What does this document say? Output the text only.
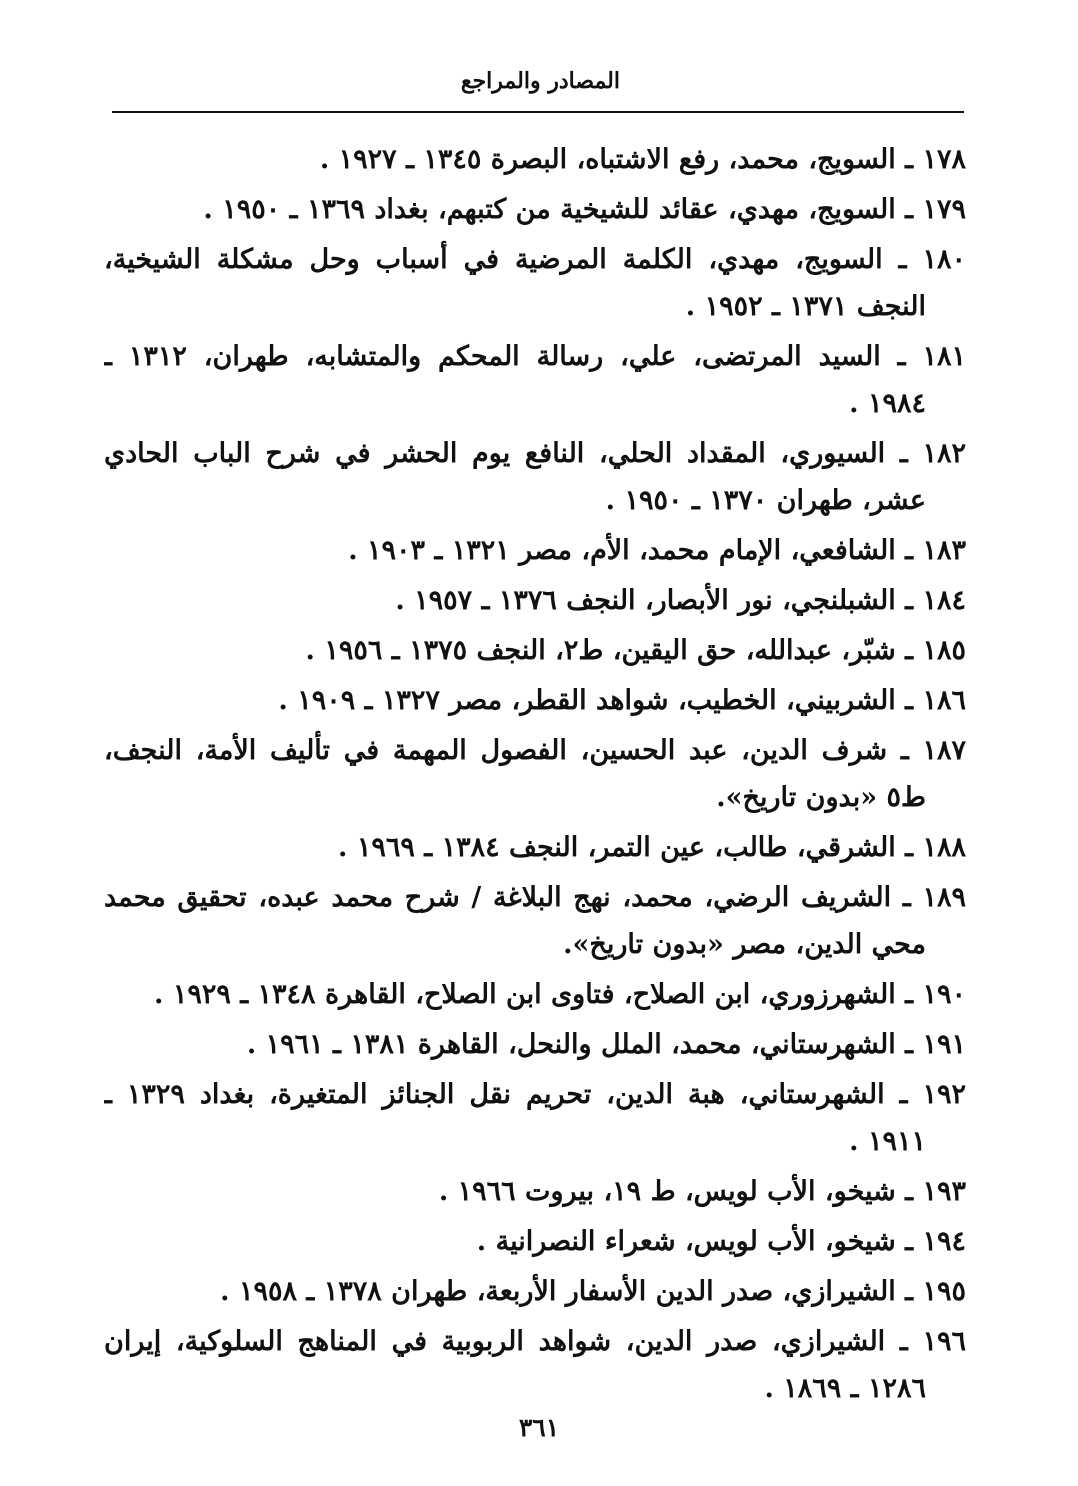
المصادر والمراجع
١٧٨ ـ السويج، محمد، رفع الاشتباه، البصرة ١٣٤٥ ـ ١٩٢٧ .
١٧٩ ـ السويج، مهدي، عقائد للشيخية من كتبهم، بغداد ١٣٦٩ ـ ١٩٥٠ .
١٨٠ ـ السويج، مهدي، الكلمة المرضية في أسباب وحل مشكلة الشيخية،
النجف ١٣٧١ ـ ١٩٥٢ .
١٨١ ـ السيد المرتضى، علي، رسالة المحكم والمتشابه، طهران، ١٣١٢ ـ
١٩٨٤ .
١٨٢ ـ السيوري، المقداد الحلي، النافع يوم الحشر في شرح الباب الحادي
عشر، طهران ١٣٧٠ ـ ١٩٥٠ .
١٨٣ ـ الشافعي، الإمام محمد، الأم، مصر ١٣٢١ ـ ١٩٠٣ .
١٨٤ ـ الشبلنجي، نور الأبصار، النجف ١٣٧٦ ـ ١٩٥٧ .
١٨٥ ـ شبّر، عبدالله، حق اليقين، ط٢، النجف ١٣٧٥ ـ ١٩٥٦ .
١٨٦ ـ الشربيني، الخطيب، شواهد القطر، مصر ١٣٢٧ ـ ١٩٠٩ .
١٨٧ ـ شرف الدين، عبد الحسين، الفصول المهمة في تأليف الأمة، النجف،
ط٥ «بدون تاريخ».
١٨٨ ـ الشرقي، طالب، عين التمر، النجف ١٣٨٤ ـ ١٩٦٩ .
١٨٩ ـ الشريف الرضي، محمد، نهج البلاغة / شرح محمد عبده، تحقيق محمد
محي الدين، مصر «بدون تاريخ».
١٩٠ ـ الشهرزوري، ابن الصلاح، فتاوى ابن الصلاح، القاهرة ١٣٤٨ ـ ١٩٢٩ .
١٩١ ـ الشهرستاني، محمد، الملل والنحل، القاهرة ١٣٨١ ـ ١٩٦١ .
١٩٢ ـ الشهرستاني، هبة الدين، تحريم نقل الجنائز المتغيرة، بغداد ١٣٢٩ ـ
١٩١١ .
١٩٣ ـ شيخو، الأب لويس، ط ١٩، بيروت ١٩٦٦ .
١٩٤ ـ شيخو، الأب لويس، شعراء النصرانية .
١٩٥ ـ الشيرازي، صدر الدين الأسفار الأربعة، طهران ١٣٧٨ ـ ١٩٥٨ .
١٩٦ ـ الشيرازي، صدر الدين، شواهد الربوبية في المناهج السلوكية، إيران
١٢٨٦ ـ ١٨٦٩ .
٣٦١
